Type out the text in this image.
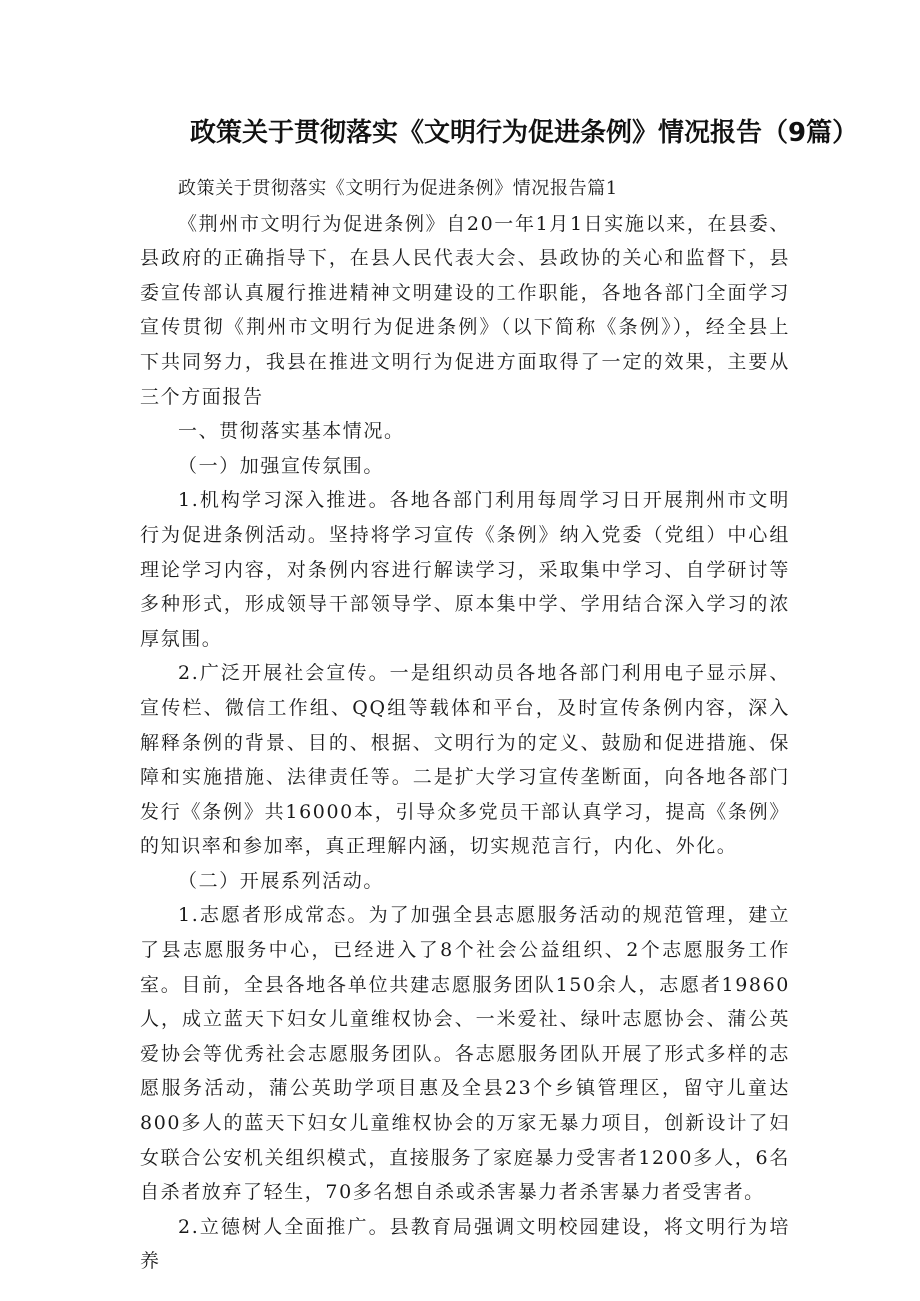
政策关于贯彻落实《文明行为促进条例》情况报告（9篇）

政策关于贯彻落实《文明行为促进条例》情况报告篇1

《荆州市文明行为促进条例》自20一年1月1日实施以来，在县委、县政府的正确指导下，在县人民代表大会、县政协的关心和监督下，县委宣传部认真履行推进精神文明建设的工作职能，各地各部门全面学习宣传贯彻《荆州市文明行为促进条例》（以下简称《条例》），经全县上下共同努力，我县在推进文明行为促进方面取得了一定的效果，主要从三个方面报告

一、贯彻落实基本情况。

（一）加强宣传氛围。

1.机构学习深入推进。各地各部门利用每周学习日开展荆州市文明行为促进条例活动。坚持将学习宣传《条例》纳入党委（党组）中心组理论学习内容，对条例内容进行解读学习，采取集中学习、自学研讨等多种形式，形成领导干部领导学、原本集中学、学用结合深入学习的浓厚氛围。

2.广泛开展社会宣传。一是组织动员各地各部门利用电子显示屏、宣传栏、微信工作组、QQ组等载体和平台，及时宣传条例内容，深入解释条例的背景、目的、根据、文明行为的定义、鼓励和促进措施、保障和实施措施、法律责任等。二是扩大学习宣传垄断面，向各地各部门发行《条例》共16000本，引导众多党员干部认真学习，提高《条例》的知识率和参加率，真正理解内涵，切实规范言行，内化、外化。

（二）开展系列活动。

1.志愿者形成常态。为了加强全县志愿服务活动的规范管理，建立了县志愿服务中心，已经进入了8个社会公益组织、2个志愿服务工作室。目前，全县各地各单位共建志愿服务团队150余人，志愿者19860人，成立蓝天下妇女儿童维权协会、一米爱社、绿叶志愿协会、蒲公英爱协会等优秀社会志愿服务团队。各志愿服务团队开展了形式多样的志愿服务活动，蒲公英助学项目惠及全县23个乡镇管理区，留守儿童达800多人的蓝天下妇女儿童维权协会的万家无暴力项目，创新设计了妇女联合公安机关组织模式，直接服务了家庭暴力受害者1200多人，6名自杀者放弃了轻生，70多名想自杀或杀害暴力者杀害暴力者受害者。

2.立德树人全面推广。县教育局强调文明校园建设，将文明行为培养
